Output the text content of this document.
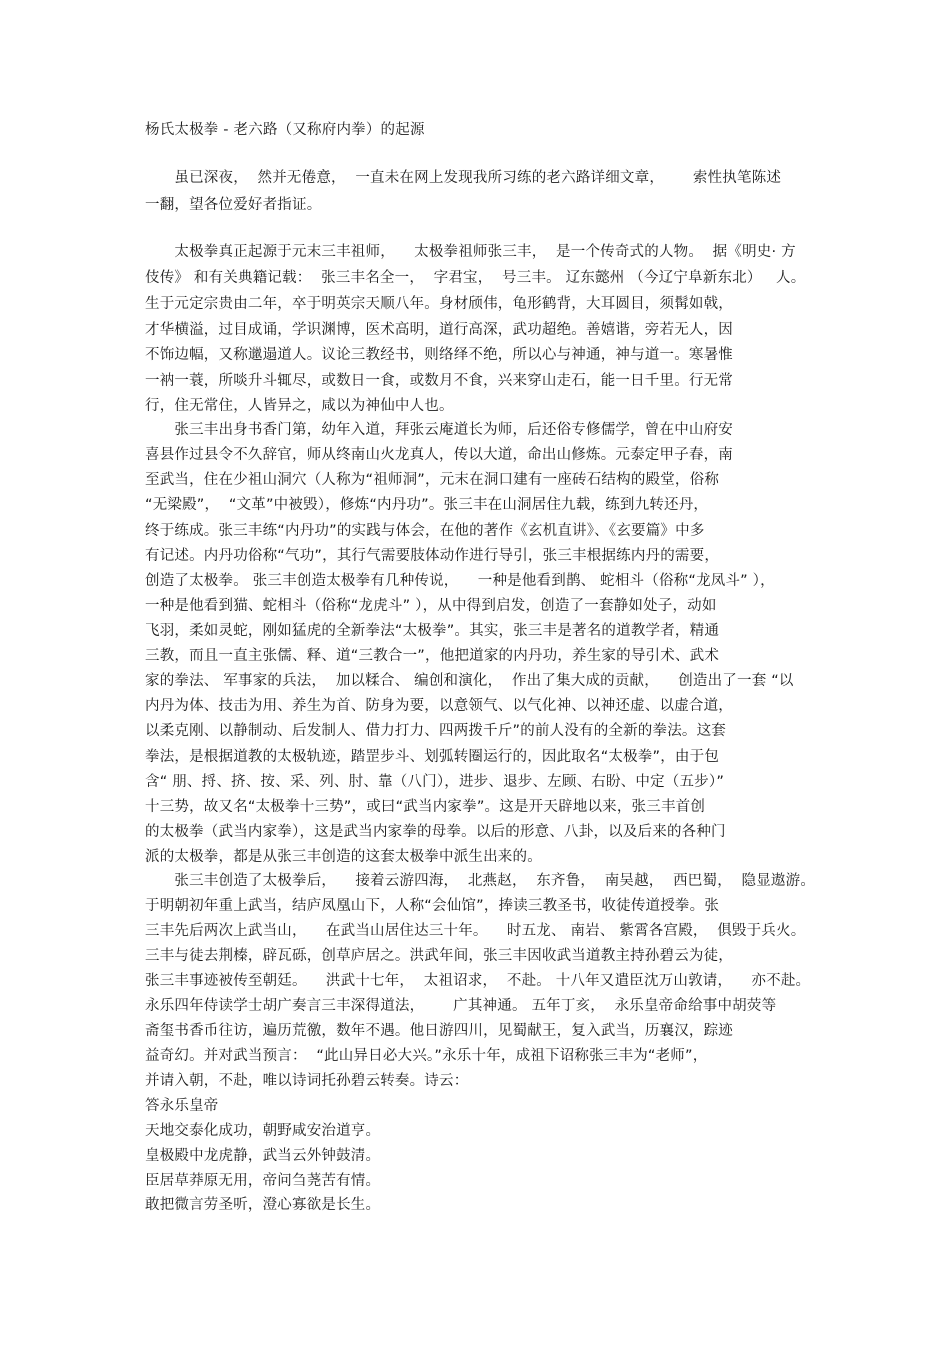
杨氏太极拳 - 老六路（又称府内拳）的起源
　　虽已深夜，  然并无倦意，  一直未在网上发现我所习练的老六路详细文章，      索性执笔陈述
一翻，望各位爱好者指证。
　　太极拳真正起源于元末三丰祖师，    太极拳祖师张三丰，  是一个传奇式的人物。  据《明史· 方
伎传》 和有关典籍记载：  张三丰名全一，  字君宝，  号三丰。 辽东懿州 （今辽宁阜新东北）   人。
生于元定宗贵由二年，卒于明英宗天顺八年。身材颀伟，龟形鹤背，大耳圆目，须髯如戟，
才华横溢，过目成诵，学识渊博，医术高明，道行高深，武功超绝。善嬉谐，旁若无人，因
不饰边幅，又称邋遢道人。议论三教经书，则络绎不绝，所以心与神通，神与道一。寒暑惟
一衲一蓑，所啖升斗辄尽，或数日一食，或数月不食，兴来穿山走石，能一日千里。行无常
行，住无常住，人皆异之，咸以为神仙中人也。
　　张三丰出身书香门第，幼年入道，拜张云庵道长为师，后还俗专修儒学，曾在中山府安
喜县作过县令不久辞官，师从终南山火龙真人，传以大道，命出山修炼。元泰定甲子春，南
至武当，住在少祖山洞穴（人称为“祖师洞”，元末在洞口建有一座砖石结构的殿堂，俗称
“无梁殿”，  “文革”中被毁），修炼“内丹功”。张三丰在山洞居住九载，练到九转还丹，
终于练成。张三丰练“内丹功”的实践与体会，在他的著作《玄机直讲》、《玄要篇》中多
有记述。内丹功俗称“气功”，其行气需要肢体动作进行导引，张三丰根据练内丹的需要，
创造了太极拳。 张三丰创造太极拳有几种传说，    一种是他看到鹊、 蛇相斗（俗称“龙凤斗” ），
一种是他看到猫、蛇相斗（俗称“龙虎斗” ），从中得到启发，创造了一套静如处子，动如
飞羽，柔如灵蛇，刚如猛虎的全新拳法“太极拳”。其实，张三丰是著名的道教学者，精通
三教，而且一直主张儒、释、道“三教合一”，他把道家的内丹功，养生家的导引术、武术
家的拳法、 军事家的兵法，  加以糅合、 编创和演化，  作出了集大成的贡献，    创造出了一套 “以
内丹为体、技击为用、养生为首、防身为要，以意领气、以气化神、以神还虚、以虚合道，
以柔克刚、以静制动、后发制人、借力打力、四两拨千斤”的前人没有的全新的拳法。这套
拳法，是根据道教的太极轨迹，踏罡步斗、划弧转圈运行的，因此取名“太极拳”，由于包
含“ 朋、捋、挤、按、采、列、肘、靠（八门），进步、退步、左顾、右盼、中定（五步）”
十三势，故又名“太极拳十三势”，或曰“武当内家拳”。这是开天辟地以来，张三丰首创
的太极拳（武当内家拳），这是武当内家拳的母拳。以后的形意、八卦，以及后来的各种门
派的太极拳，都是从张三丰创造的这套太极拳中派生出来的。
　　张三丰创造了太极拳后，    接着云游四海，  北燕赵，  东齐鲁，  南吴越，  西巴蜀，  隐显遨游。
于明朝初年重上武当，结庐凤凰山下，人称“会仙馆”，捧读三教圣书，收徒传道授拳。张
三丰先后两次上武当山，    在武当山居住达三十年。    时五龙、 南岩、 紫霄各宫殿，  俱毁于兵火。
三丰与徒去荆榛，辟瓦砾，创草庐居之。洪武年间，张三丰因收武当道教主持孙碧云为徒，
张三丰事迹被传至朝廷。    洪武十七年，  太祖诏求，  不赴。 十八年又遣臣沈万山敦请，    亦不赴。
永乐四年侍读学士胡广奏言三丰深得道法，      广其神通。 五年丁亥，  永乐皇帝命给事中胡荧等
斋玺书香币往访，遍历荒徼，数年不遇。他日游四川，见蜀献王，复入武当，历襄汉，踪迹
益奇幻。并对武当预言：  “此山异日必大兴。”永乐十年，成祖下诏称张三丰为“老师”，
并请入朝，不赴，唯以诗词托孙碧云转奏。诗云：
答永乐皇帝
天地交泰化成功，朝野咸安治道亨。
皇极殿中龙虎静，武当云外钟鼓清。
臣居草莽原无用，帝问刍荛苦有情。
敢把微言劳圣听，澄心寡欲是长生。
